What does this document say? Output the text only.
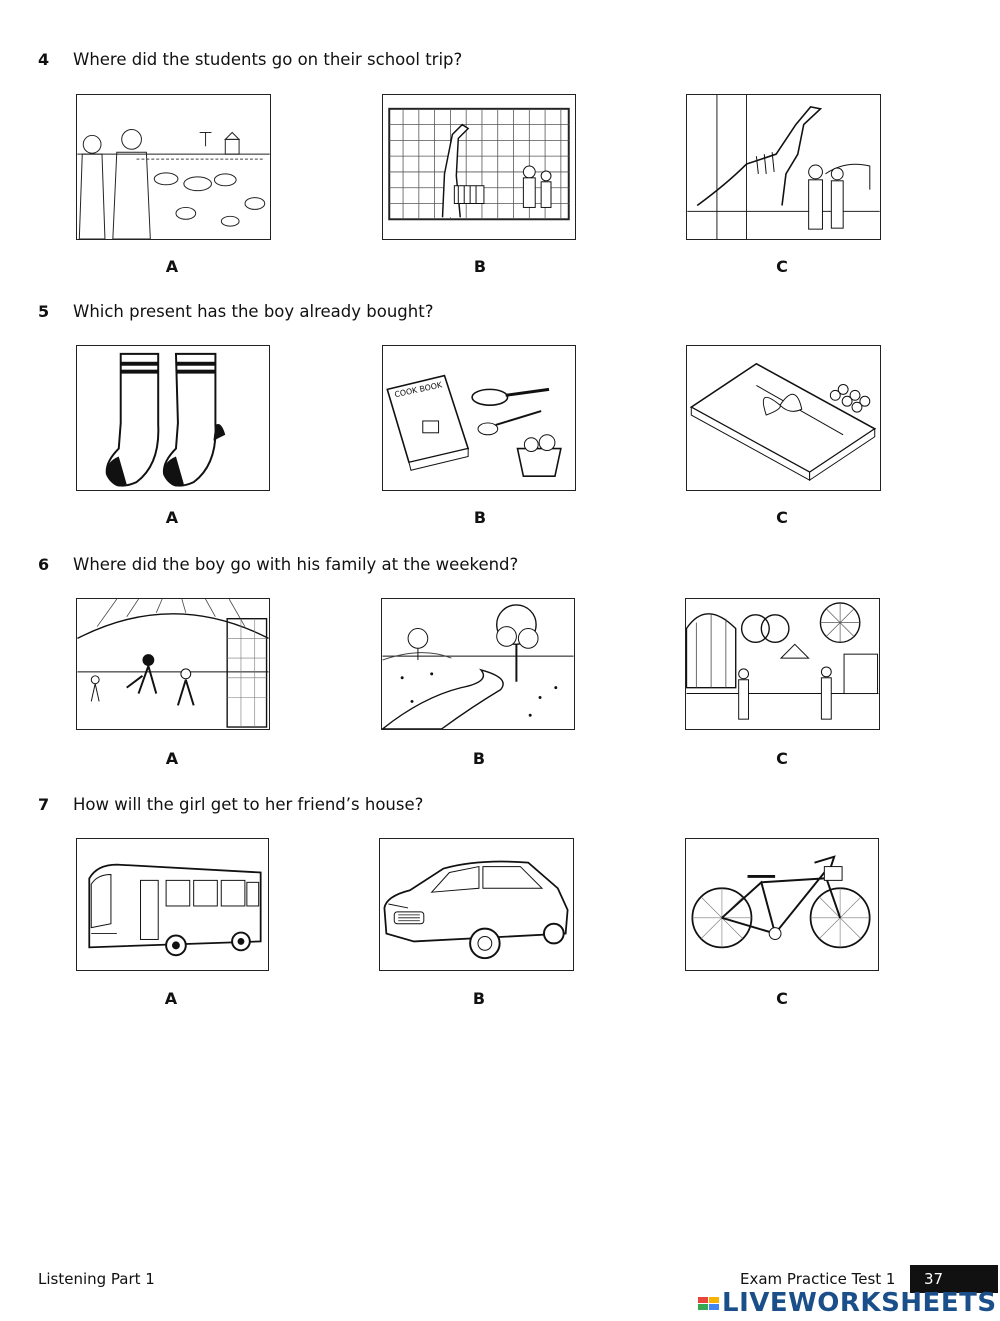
4 Where did the students go on their school trip?
A	B	C
5 Which present has the boy already bought?
A
COOK BOOK
B	C
6 Where did the boy go with his family at the weekend?
A	B	C
7 How will the girl get to her friend’s house?
A	B	C
Listening Part 1	Exam Practice Test 1	37
LIVEWORKSHEETS
